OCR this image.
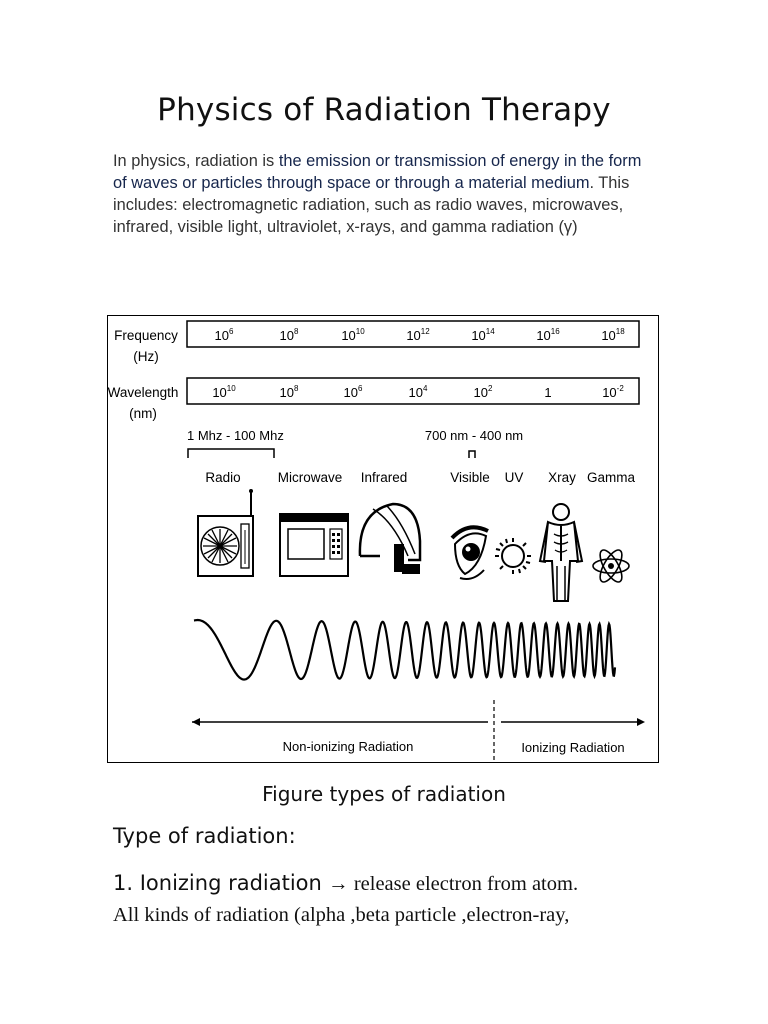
Physics of Radiation Therapy
In physics, radiation is the emission or transmission of energy in the form of waves or particles through space or through a material medium. This includes: electromagnetic radiation, such as radio waves, microwaves, infrared, visible light, ultraviolet, x-rays, and gamma radiation (γ)
Frequency
(Hz)
$10^6$	$10^8$	$10^{10}$	$10^{12}$	$10^{14}$	$10^{16}$	$10^{18}$
Wavelength
(nm)
$10^{10}$	$10^8$	$10^6$	$10^4$	$10^2$	1	$10^{-2}$
1 Mhz - 100 Mhz	700 nm - 400 nm
Radio	Microwave Infrared	Visible UV Xray Gamma
Non-ionizing Radiation	Ionizing Radiation
Figure types of radiation
Type of radiation:
1. Ionizing radiation → release electron from atom.
All kinds of radiation (alpha ,beta particle ,electron-ray,
